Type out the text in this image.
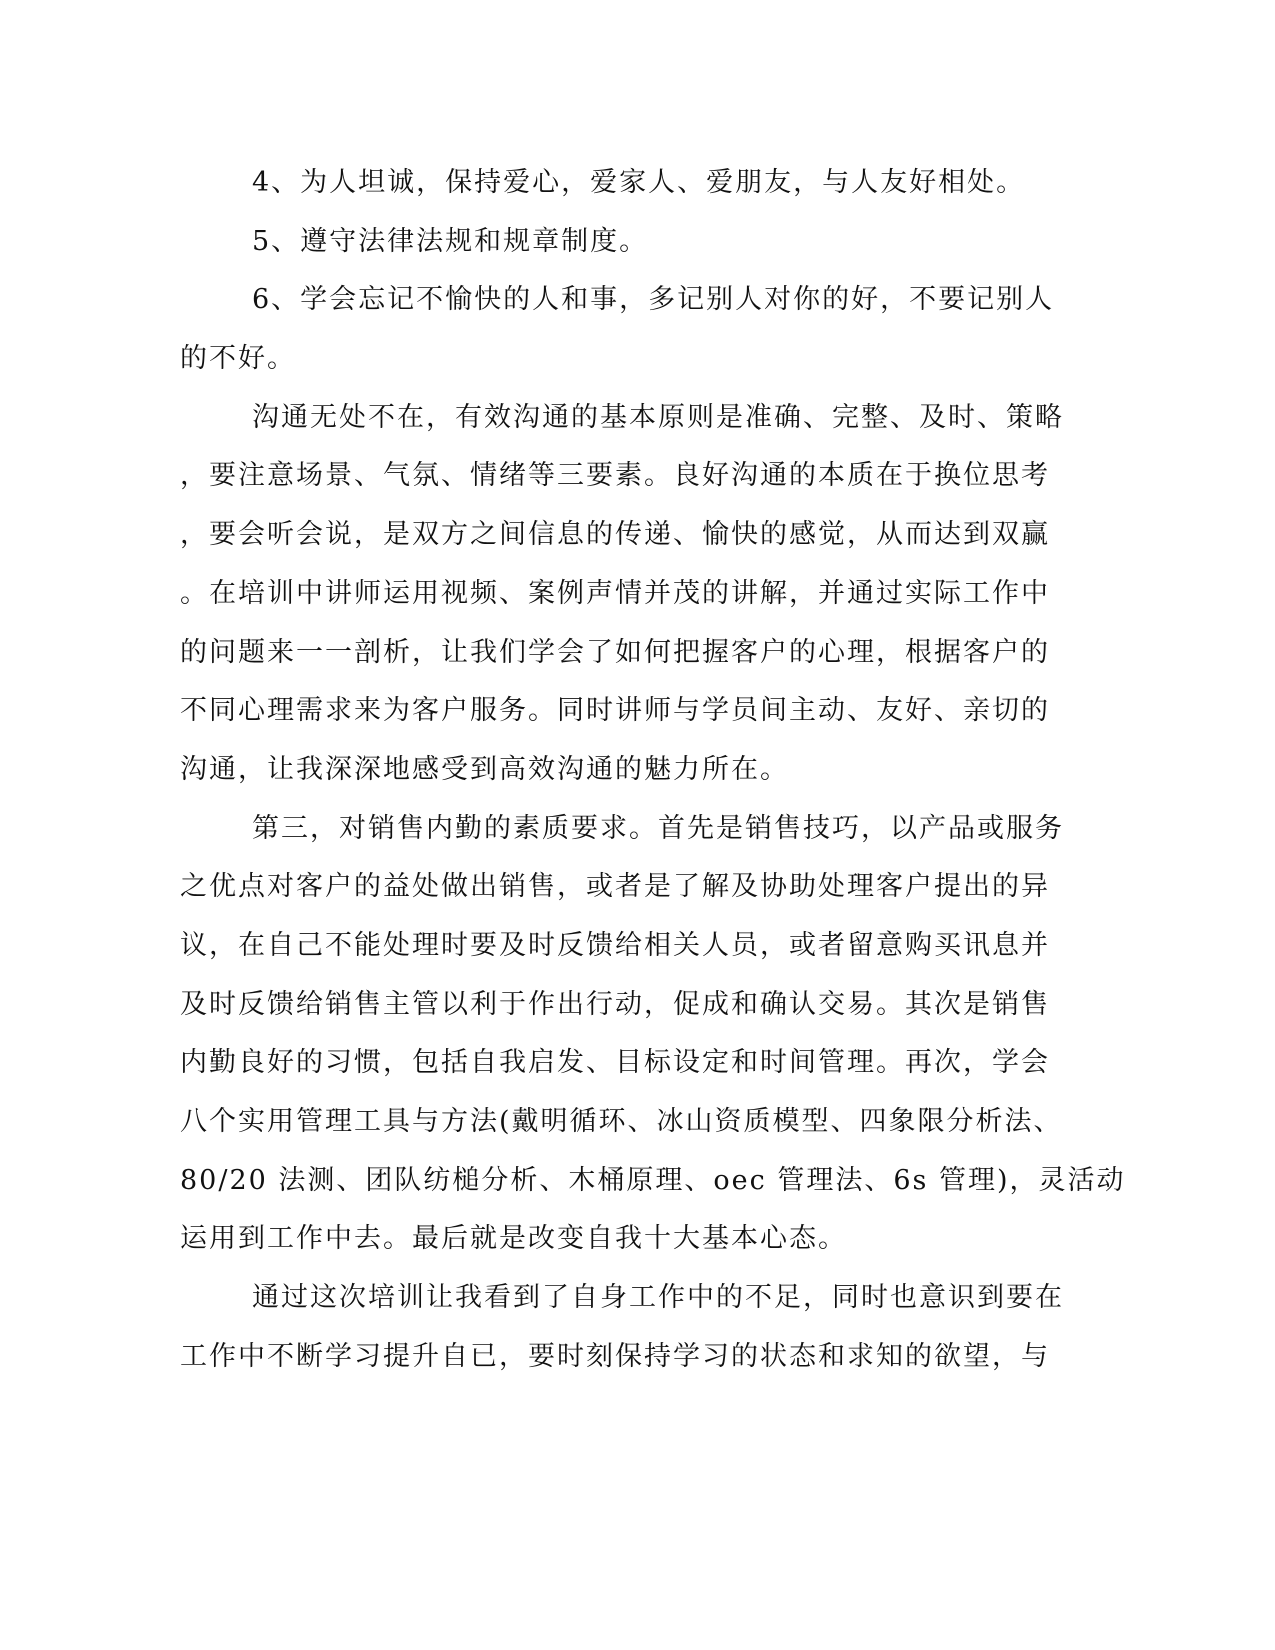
4、为人坦诚，保持爱心，爱家人、爱朋友，与人友好相处。
5、遵守法律法规和规章制度。
6、学会忘记不愉快的人和事，多记别人对你的好，不要记别人
的不好。
沟通无处不在，有效沟通的基本原则是准确、完整、及时、策略
，要注意场景、气氛、情绪等三要素。良好沟通的本质在于换位思考
，要会听会说，是双方之间信息的传递、愉快的感觉，从而达到双赢
。在培训中讲师运用视频、案例声情并茂的讲解，并通过实际工作中
的问题来一一剖析，让我们学会了如何把握客户的心理，根据客户的
不同心理需求来为客户服务。同时讲师与学员间主动、友好、亲切的
沟通，让我深深地感受到高效沟通的魅力所在。
第三，对销售内勤的素质要求。首先是销售技巧，以产品或服务
之优点对客户的益处做出销售，或者是了解及协助处理客户提出的异
议，在自己不能处理时要及时反馈给相关人员，或者留意购买讯息并
及时反馈给销售主管以利于作出行动，促成和确认交易。其次是销售
内勤良好的习惯，包括自我启发、目标设定和时间管理。再次，学会
八个实用管理工具与方法(戴明循环、冰山资质模型、四象限分析法、
80/20 法测、团队纺槌分析、木桶原理、oec 管理法、6s 管理)，灵活动
运用到工作中去。最后就是改变自我十大基本心态。
通过这次培训让我看到了自身工作中的不足，同时也意识到要在
工作中不断学习提升自已，要时刻保持学习的状态和求知的欲望，与
